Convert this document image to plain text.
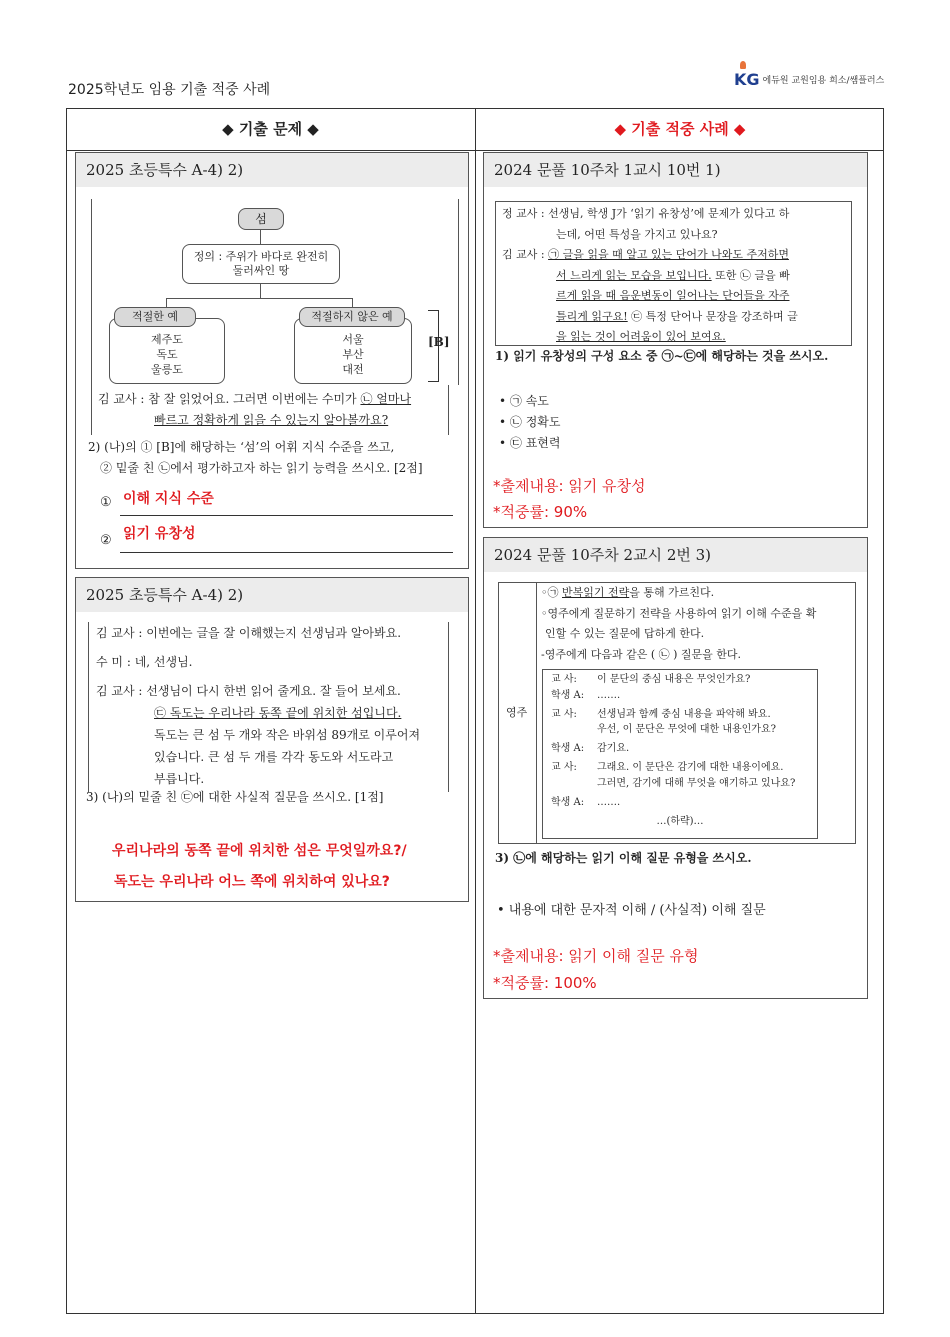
2025학년도 임용 기출 적중 사례
KG 에듀원 교원임용 희소/쌤플러스
◆ 기출 문제 ◆	◆ 기출 적중 사례 ◆
2025 초등특수 A-4) 2)
섬
정의 : 주위가 바다로 완전히
둘러싸인 땅
제주도
독도
울릉도
적절한 예
서울
부산
대전
적절하지 않은 예
[B]
김 교사 : 참 잘 읽었어요. 그러면 이번에는 수미가 ㉡ 얼마나
빠르고 정확하게 읽을 수 있는지 알아볼까요?
2) (나)의 ① [B]에 해당하는 ‘섬’의 어휘 지식 수준을 쓰고,
② 밑줄 친 ㉡에서 평가하고자 하는 읽기 능력을 쓰시오. [2점]
① 이해 지식 수준
② 읽기 유창성
2025 초등특수 A-4) 2)
김 교사 : 이번에는 글을 잘 이해했는지 선생님과 알아봐요.
수 미 : 네, 선생님.
김 교사 : 선생님이 다시 한번 읽어 줄게요. 잘 들어 보세요.
㉢ 독도는 우리나라 동쪽 끝에 위치한 섬입니다.
독도는 큰 섬 두 개와 작은 바위섬 89개로 이루어져
있습니다. 큰 섬 두 개를 각각 동도와 서도라고
부릅니다.
3) (나)의 밑줄 친 ㉢에 대한 사실적 질문을 쓰시오. [1점]
우리나라의 동쪽 끝에 위치한 섬은 무엇일까요?/
독도는 우리나라 어느 쪽에 위치하여 있나요?
2024 문풀 10주차 1교시 10번 1)
정 교사 : 선생님, 학생 J가 ‘읽기 유창성’에 문제가 있다고 하
는데, 어떤 특성을 가지고 있나요?
김 교사 : ㉠ 글을 읽을 때 알고 있는 단어가 나와도 주저하면
서 느리게 읽는 모습을 보입니다. 또한 ㉡ 글을 빠
르게 읽을 때 음운변동이 일어나는 단어들을 자주
틀리게 읽구요! ㉢ 특정 단어나 문장을 강조하며 글
을 읽는 것이 어려움이 있어 보여요.
1) 읽기 유창성의 구성 요소 중 ㉠~㉢에 해당하는 것을 쓰시오.
• ㉠ 속도
• ㉡ 정확도
• ㉢ 표현력
*출제내용: 읽기 유창성
*적중률: 90%
2024 문풀 10주차 2교시 2번 3)
영주
◦㉠ 반복읽기 전략을 통해 가르친다.
◦영주에게 질문하기 전략을 사용하여 읽기 이해 수준을 확
인할 수 있는 질문에 답하게 한다.
-영주에게 다음과 같은 ( ㉡ ) 질문을 한다.
교 사: 이 문단의 중심 내용은 무엇인가요?
학생 A: …….
교 사: 선생님과 함께 중심 내용을 파악해 봐요.
우선, 이 문단은 무엇에 대한 내용인가요?
학생 A: 감기요.
교 사: 그래요. 이 문단은 감기에 대한 내용이에요.
그러면, 감기에 대해 무엇을 얘기하고 있나요?
학생 A: …….
…(하략)…
3) ㉡에 해당하는 읽기 이해 질문 유형을 쓰시오.
• 내용에 대한 문자적 이해 / (사실적) 이해 질문
*출제내용: 읽기 이해 질문 유형
*적중률: 100%
